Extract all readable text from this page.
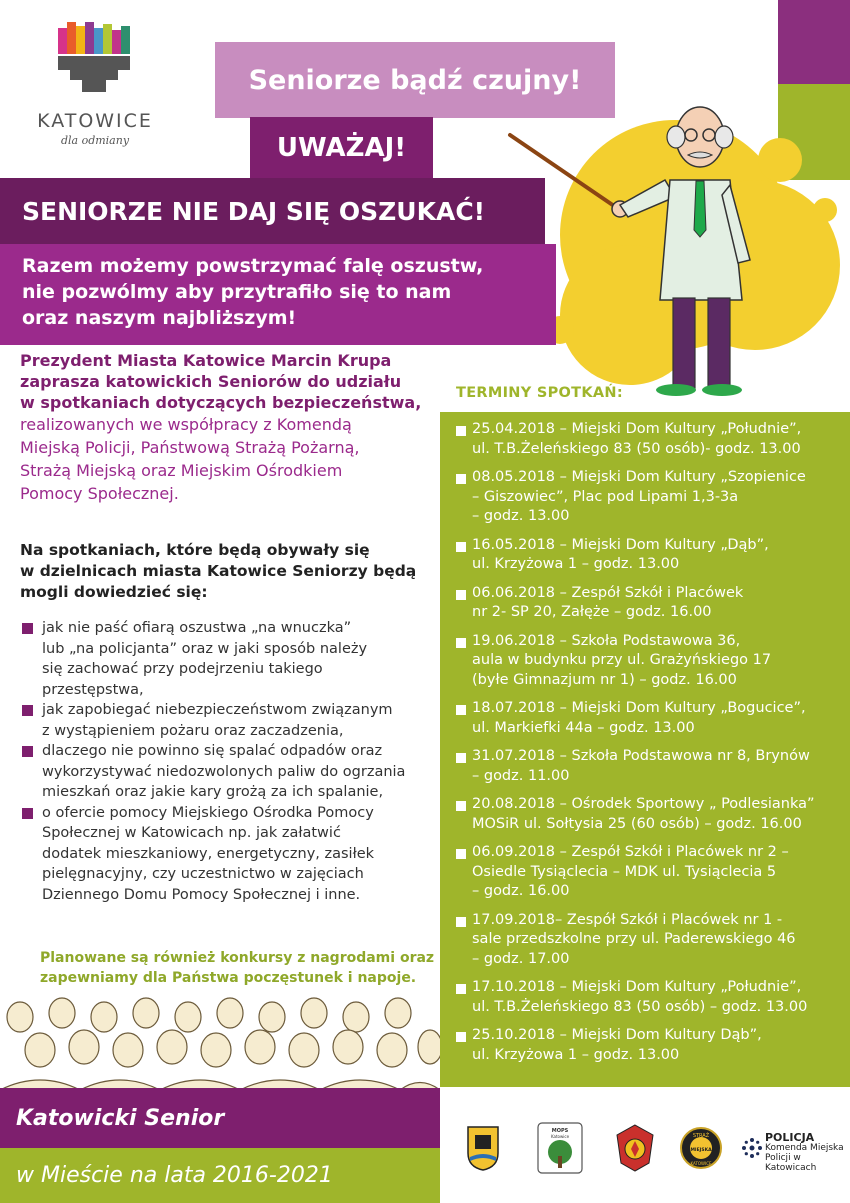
KATOWICE
dla odmiany
Seniorze bądź czujny!
UWAŻAJ!
SENIORZE NIE DAJ SIĘ OSZUKAĆ!
Razem możemy powstrzymać falę oszustw,
nie pozwólmy aby przytrafiło się to nam
oraz naszym najbliższym!
Prezydent Miasta Katowice Marcin Krupa
zaprasza katowickich Seniorów do udziału
w spotkaniach dotyczących bezpieczeństwa,
realizowanych we współpracy z Komendą
Miejską Policji, Państwową Strażą Pożarną,
Strażą Miejską oraz Miejskim Ośrodkiem
Pomocy Społecznej.
Na spotkaniach, które będą obywały się
w dzielnicach miasta Katowice Seniorzy będą
mogli dowiedzieć się:
jak nie paść ofiarą oszustwa „na wnuczka”
lub „na policjanta” oraz w jaki sposób należy
się zachować przy podejrzeniu takiego
przestępstwa,
jak zapobiegać niebezpieczeństwom związanym
z wystąpieniem pożaru oraz zaczadzenia,
dlaczego nie powinno się spalać odpadów oraz
wykorzystywać niedozwolonych paliw do ogrzania
mieszkań oraz jakie kary grożą za ich spalanie,
o ofercie pomocy Miejskiego Ośrodka Pomocy
Społecznej w Katowicach np. jak załatwić
dodatek mieszkaniowy, energetyczny, zasiłek
pielęgnacyjny, czy uczestnictwo w zajęciach
Dziennego Domu Pomocy Społecznej i inne.
Planowane są również konkursy z nagrodami oraz
zapewniamy dla Państwa poczęstunek i napoje.
Katowicki Senior
w Mieście na lata 2016-2021
TERMINY SPOTKAŃ:
25.04.2018 – Miejski Dom Kultury „Południe”,
ul. T.B.Żeleńskiego 83 (50 osób)- godz. 13.00
08.05.2018 – Miejski Dom Kultury „Szopienice
– Giszowiec”, Plac pod Lipami 1,3-3a
– godz. 13.00
16.05.2018 – Miejski Dom Kultury „Dąb”,
ul. Krzyżowa 1 – godz. 13.00
06.06.2018 – Zespół Szkół i Placówek
nr 2- SP 20, Załęże – godz. 16.00
19.06.2018 – Szkoła Podstawowa 36,
aula w budynku przy ul. Grażyńskiego 17
(byłe Gimnazjum nr 1) – godz. 16.00
18.07.2018 – Miejski Dom Kultury „Bogucice”,
ul. Markiefki 44a – godz. 13.00
31.07.2018 – Szkoła Podstawowa nr 8, Brynów
– godz. 11.00
20.08.2018 – Ośrodek Sportowy „ Podlesianka”
MOSiR ul. Sołtysia 25 (60 osób) – godz. 16.00
06.09.2018 – Zespół Szkół i Placówek nr 2 –
Osiedle Tysiąclecia – MDK ul. Tysiąclecia 5
– godz. 16.00
17.09.2018– Zespół Szkół i Placówek nr 1 -
sale przedszkolne przy ul. Paderewskiego 46
– godz. 17.00
17.10.2018 – Miejski Dom Kultury „Południe”,
ul. T.B.Żeleńskiego 83 (50 osób) – godz. 13.00
25.10.2018 – Miejski Dom Kultury Dąb”,
ul. Krzyżowa 1 – godz. 13.00
MOPS
Katowice	STRAŻ
MIEJSKA
KATOWICE
POLICJA
Komenda Miejska
Policji w Katowicach
